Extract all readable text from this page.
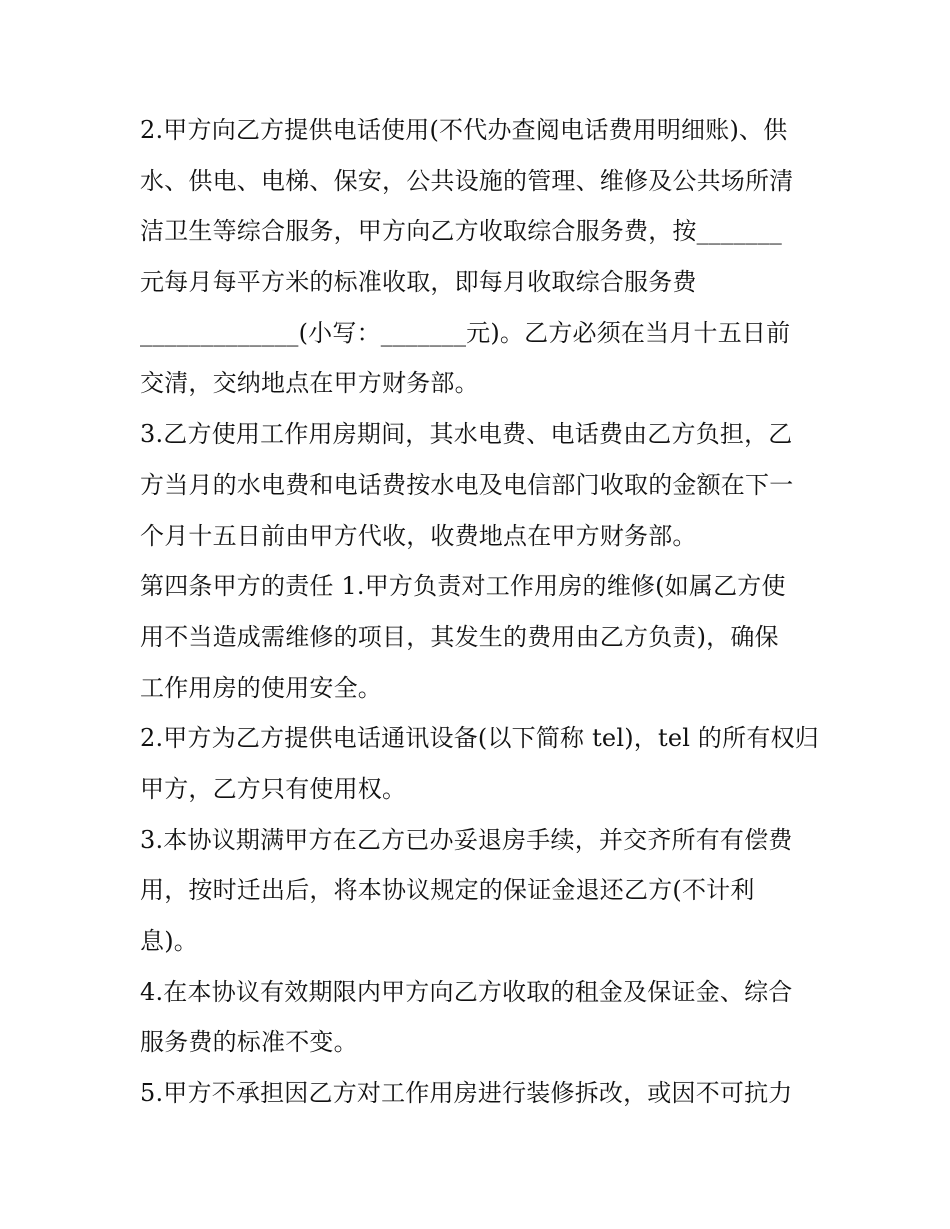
2.甲方向乙方提供电话使用(不代办查阅电话费用明细账)、供
水、供电、电梯、保安，公共设施的管理、维修及公共场所清
洁卫生等综合服务，甲方向乙方收取综合服务费，按_______
元每月每平方米的标准收取，即每月收取综合服务费
_____________(小写：_______元)。乙方必须在当月十五日前
交清，交纳地点在甲方财务部。
3.乙方使用工作用房期间，其水电费、电话费由乙方负担，乙
方当月的水电费和电话费按水电及电信部门收取的金额在下一
个月十五日前由甲方代收，收费地点在甲方财务部。
第四条甲方的责任 1.甲方负责对工作用房的维修(如属乙方使
用不当造成需维修的项目，其发生的费用由乙方负责)，确保
工作用房的使用安全。
2.甲方为乙方提供电话通讯设备(以下简称 tel)，tel 的所有权归
甲方，乙方只有使用权。
3.本协议期满甲方在乙方已办妥退房手续，并交齐所有有偿费
用，按时迁出后，将本协议规定的保证金退还乙方(不计利
息)。
4.在本协议有效期限内甲方向乙方收取的租金及保证金、综合
服务费的标准不变。
5.甲方不承担因乙方对工作用房进行装修拆改，或因不可抗力
